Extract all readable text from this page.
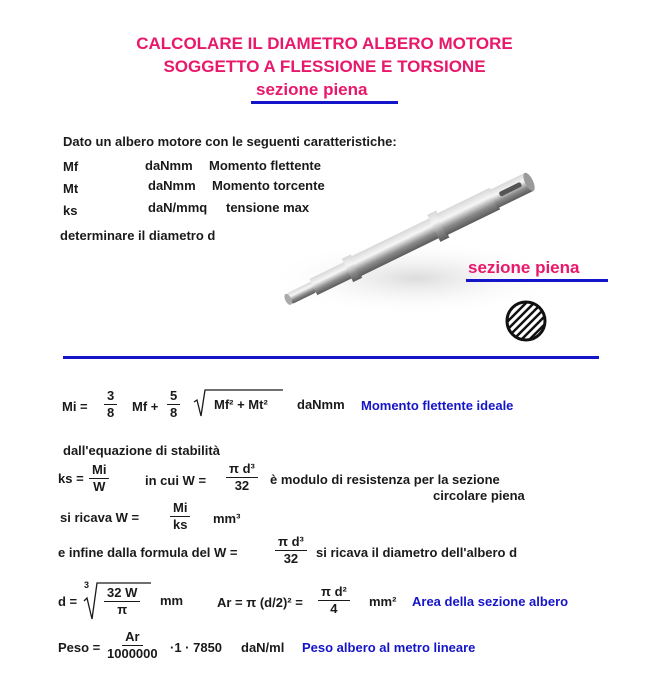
CALCOLARE IL DIAMETRO ALBERO MOTORE
SOGGETTO A FLESSIONE E TORSIONE
sezione piena
Dato un albero motore con le seguenti caratteristiche:
Mf	daNmm Momento flettente
Mt	daNmm Momento torcente
ks	daN/mmq tensione max
determinare il diametro d
sezione piena
$Mi = \frac{3}{8}$ $Mf + \frac{5}{8}$	Mf² + Mt² daNmm Momento flettente ideale
dall'equazione di stabilità
ks = $\frac{Mi}{W}$	in cui $W = \frac{\text{π d³}}{32}$ è modulo di resistenza per la sezione
circolare piena
si ricava $W = \frac{Mi}{ks} mm^3$
e infine dalla formula del W =	$\frac{\text{π d³}}{32}$ si ricava il diametro dell'albero d
d =
$3 \frac{32 W}{\pi}$ mm	Ar = π $(d/2)^2 = \frac{\text{π d²}}{4} mm^2$ Area della sezione albero
Peso = $\frac{Ar}{1000000} \cdot 1 \cdot 7850$ daN/ml Peso albero al metro lineare
